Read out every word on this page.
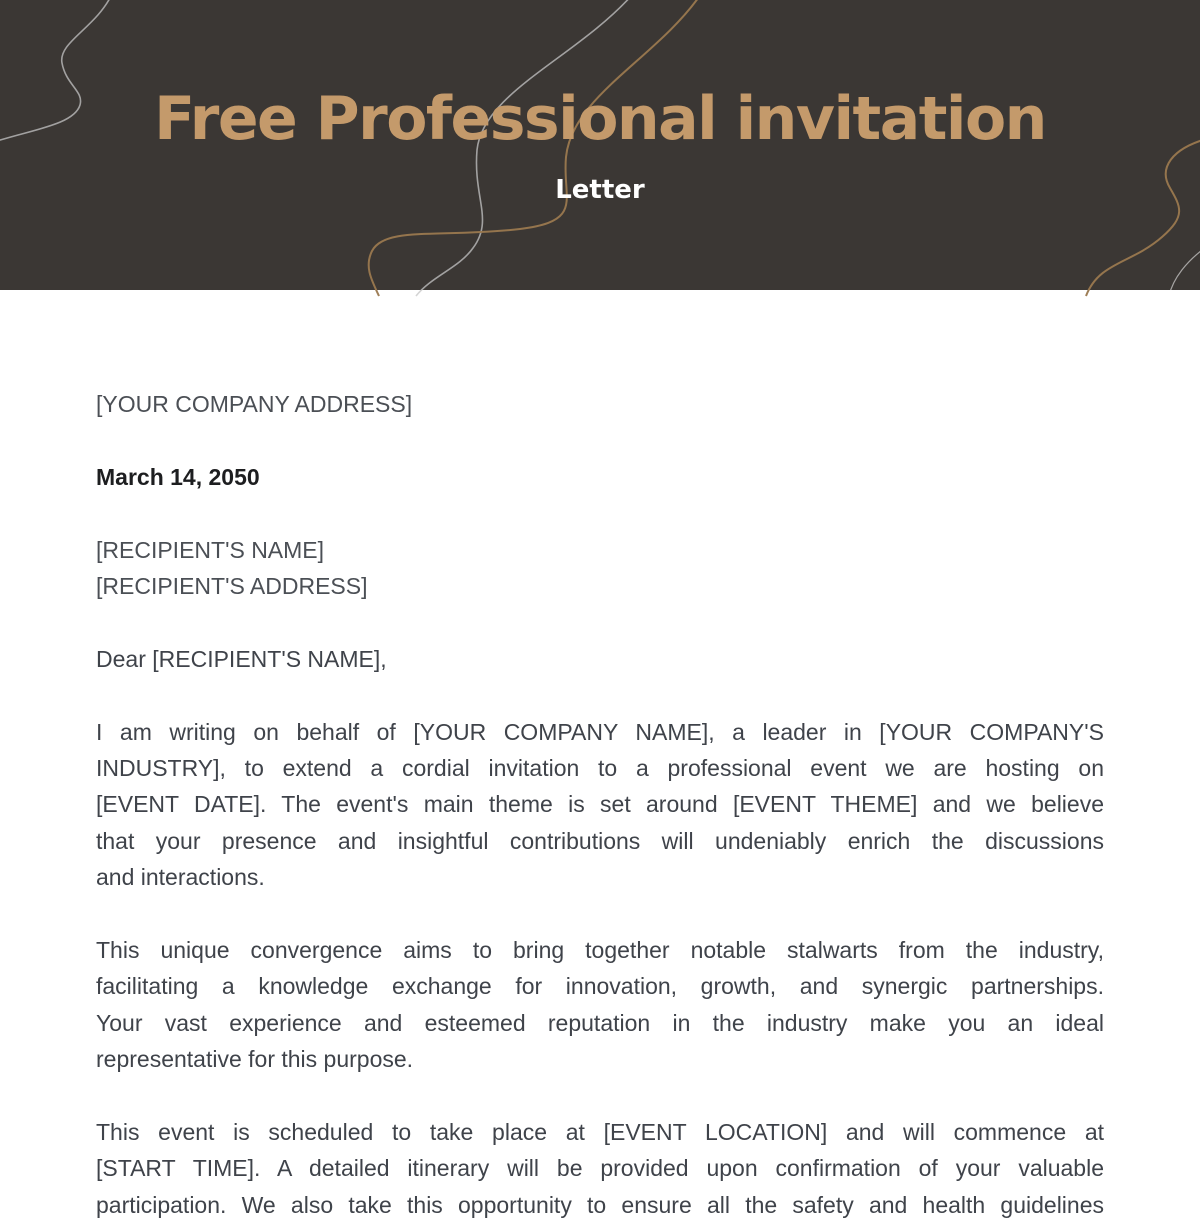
Free Professional invitation
Letter

[YOUR COMPANY ADDRESS]

March 14, 2050

[RECIPIENT'S NAME]

[RECIPIENT'S ADDRESS]

Dear [RECIPIENT'S NAME],

I am writing on behalf of [YOUR COMPANY NAME], a leader in [YOUR COMPANY'S
INDUSTRY], to extend a cordial invitation to a professional event we are hosting on
[EVENT DATE]. The event's main theme is set around [EVENT THEME] and we believe
that your presence and insightful contributions will undeniably enrich the discussions
and interactions.
This unique convergence aims to bring together notable stalwarts from the industry,
facilitating a knowledge exchange for innovation, growth, and synergic partnerships.
Your vast experience and esteemed reputation in the industry make you an ideal
representative for this purpose.
This event is scheduled to take place at [EVENT LOCATION] and will commence at
[START TIME]. A detailed itinerary will be provided upon confirmation of your valuable
participation. We also take this opportunity to ensure all the safety and health guidelines
